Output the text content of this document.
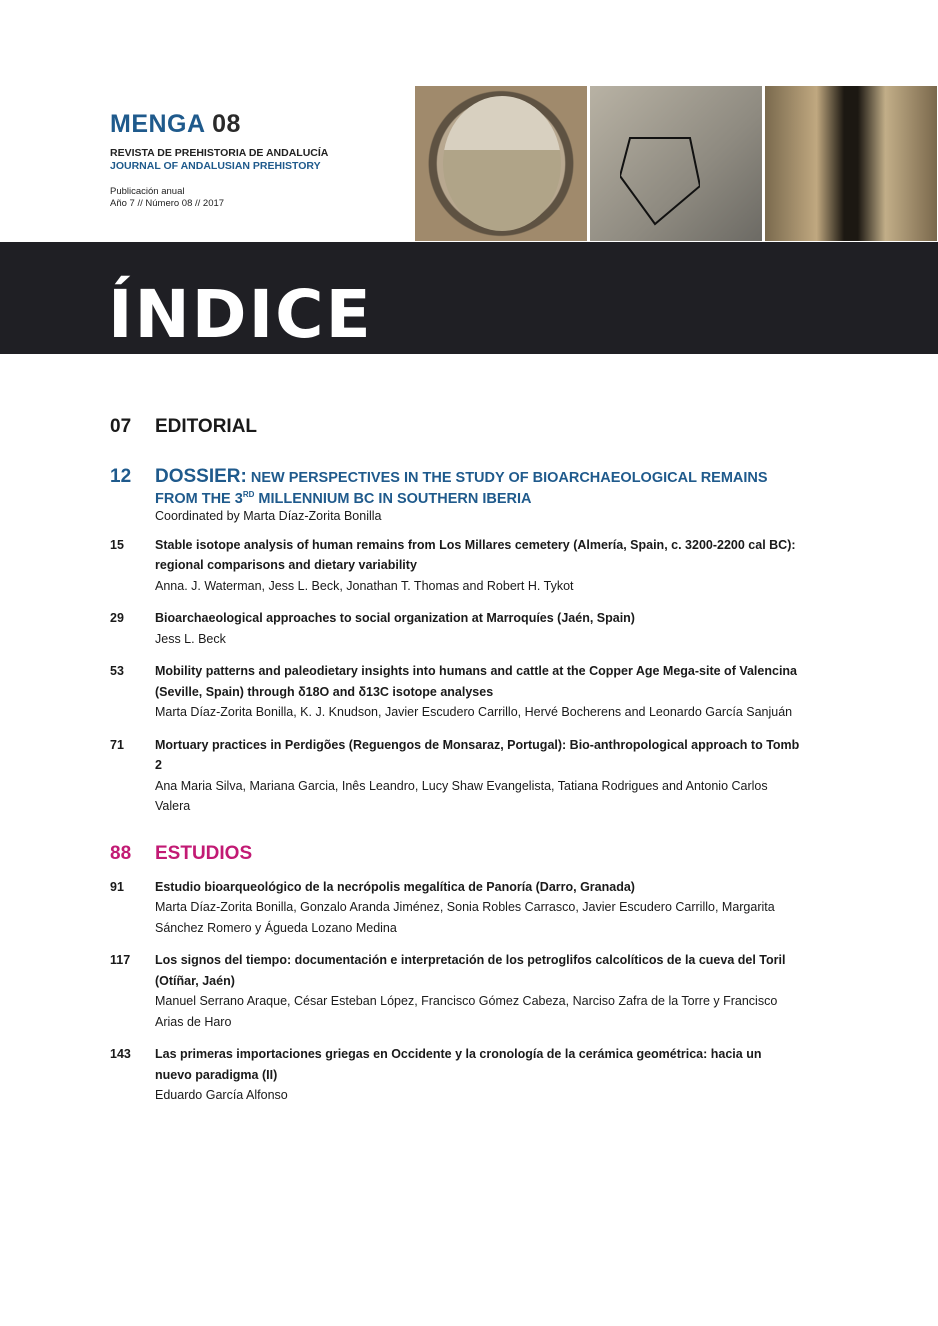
MENGA 08
REVISTA DE PREHISTORIA DE ANDALUCÍA
JOURNAL OF ANDALUSIAN PREHISTORY
Publicación anual
Año 7 // Número 08 // 2017
ÍNDICE
07	EDITORIAL
12	DOSSIER: NEW PERSPECTIVES IN THE STUDY OF BIOARCHAEOLOGICAL REMAINS
FROM THE 3RD MILLENNIUM BC IN SOUTHERN IBERIA
Coordinated by Marta Díaz-Zorita Bonilla
15	Stable isotope analysis of human remains from Los Millares cemetery (Almería, Spain, c. 3200-2200 cal BC): regional comparisons and dietary variability
Anna. J. Waterman, Jess L. Beck, Jonathan T. Thomas and Robert H. Tykot
29	Bioarchaeological approaches to social organization at Marroquíes (Jaén, Spain)
Jess L. Beck
53	Mobility patterns and paleodietary insights into humans and cattle at the Copper Age Mega-site of Valencina (Seville, Spain) through δ18O and δ13C isotope analyses
Marta Díaz-Zorita Bonilla, K. J. Knudson, Javier Escudero Carrillo, Hervé Bocherens and Leonardo García Sanjuán
71	Mortuary practices in Perdigões (Reguengos de Monsaraz, Portugal): Bio-anthropological approach to Tomb 2
Ana Maria Silva, Mariana Garcia, Inês Leandro, Lucy Shaw Evangelista, Tatiana Rodrigues and Antonio Carlos Valera
88	ESTUDIOS
91	Estudio bioarqueológico de la necrópolis megalítica de Panoría (Darro, Granada)
Marta Díaz-Zorita Bonilla, Gonzalo Aranda Jiménez, Sonia Robles Carrasco, Javier Escudero Carrillo, Margarita Sánchez Romero y Águeda Lozano Medina
117	Los signos del tiempo: documentación e interpretación de los petroglifos calcolíticos de la cueva del Toril (Otíñar, Jaén)
Manuel Serrano Araque, César Esteban López, Francisco Gómez Cabeza, Narciso Zafra de la Torre y Francisco Arias de Haro
143	Las primeras importaciones griegas en Occidente y la cronología de la cerámica geométrica: hacia un nuevo paradigma (II)
Eduardo García Alfonso
